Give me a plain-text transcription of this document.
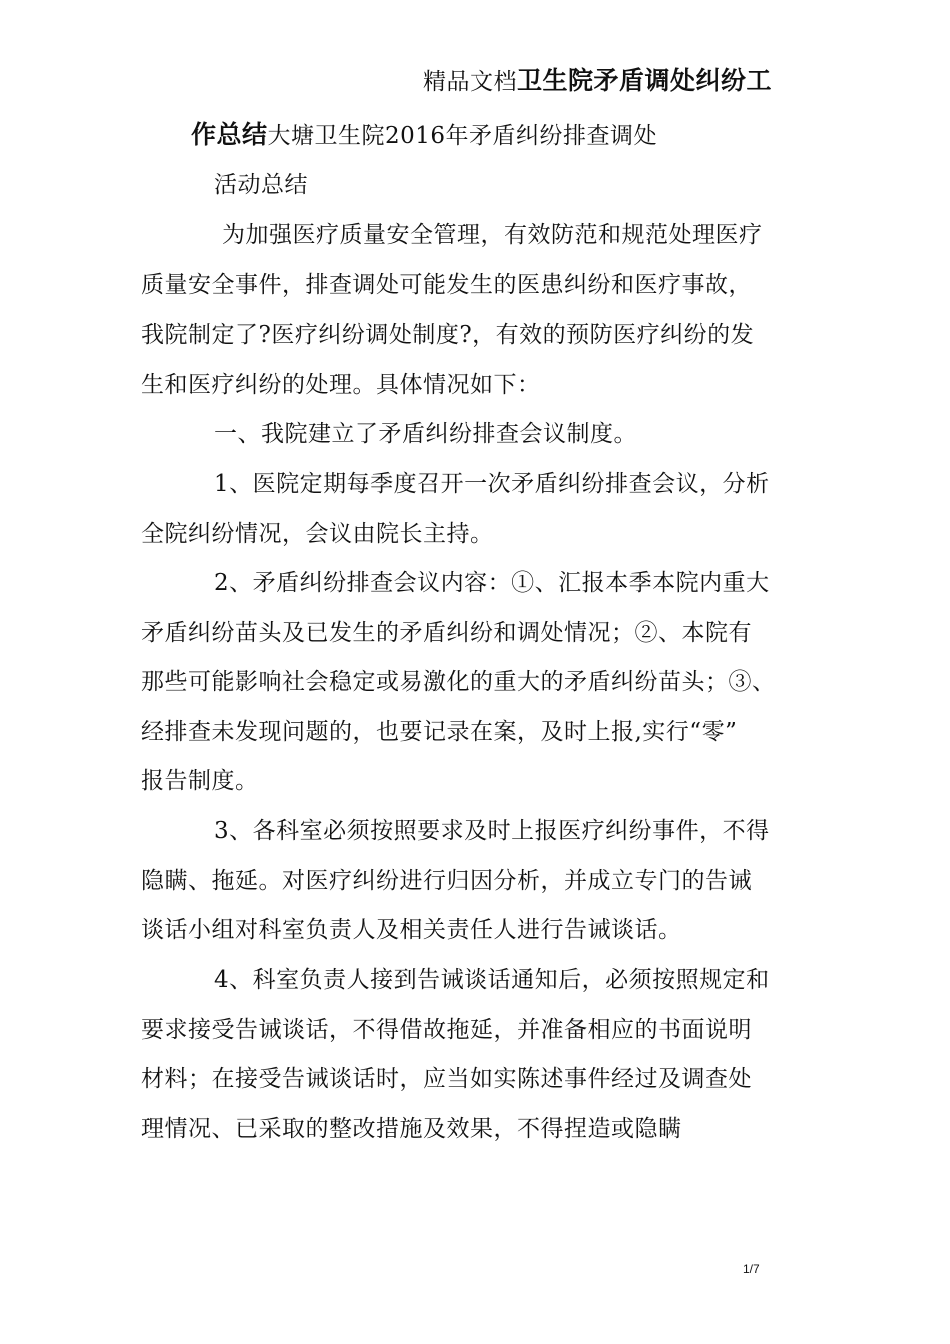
精品文档卫生院矛盾调处纠纷工
作总结大塘卫生院2016年矛盾纠纷排查调处
活动总结
为加强医疗质量安全管理，有效防范和规范处理医疗
质量安全事件，排查调处可能发生的医患纠纷和医疗事故，
我院制定了?医疗纠纷调处制度?，有效的预防医疗纠纷的发
生和医疗纠纷的处理。具体情况如下：
一、我院建立了矛盾纠纷排查会议制度。
1、医院定期每季度召开一次矛盾纠纷排查会议，分析
全院纠纷情况，会议由院长主持。
2、矛盾纠纷排查会议内容：①、汇报本季本院内重大
矛盾纠纷苗头及已发生的矛盾纠纷和调处情况；②、本院有
那些可能影响社会稳定或易激化的重大的矛盾纠纷苗头；③、
经排查未发现问题的，也要记录在案，及时上报,实行“零”
报告制度。
3、各科室必须按照要求及时上报医疗纠纷事件，不得
隐瞒、拖延。对医疗纠纷进行归因分析，并成立专门的告诫
谈话小组对科室负责人及相关责任人进行告诫谈话。
4、科室负责人接到告诫谈话通知后，必须按照规定和
要求接受告诫谈话，不得借故拖延，并准备相应的书面说明
材料；在接受告诫谈话时，应当如实陈述事件经过及调查处
理情况、已采取的整改措施及效果，不得捏造或隐瞒
1/7
